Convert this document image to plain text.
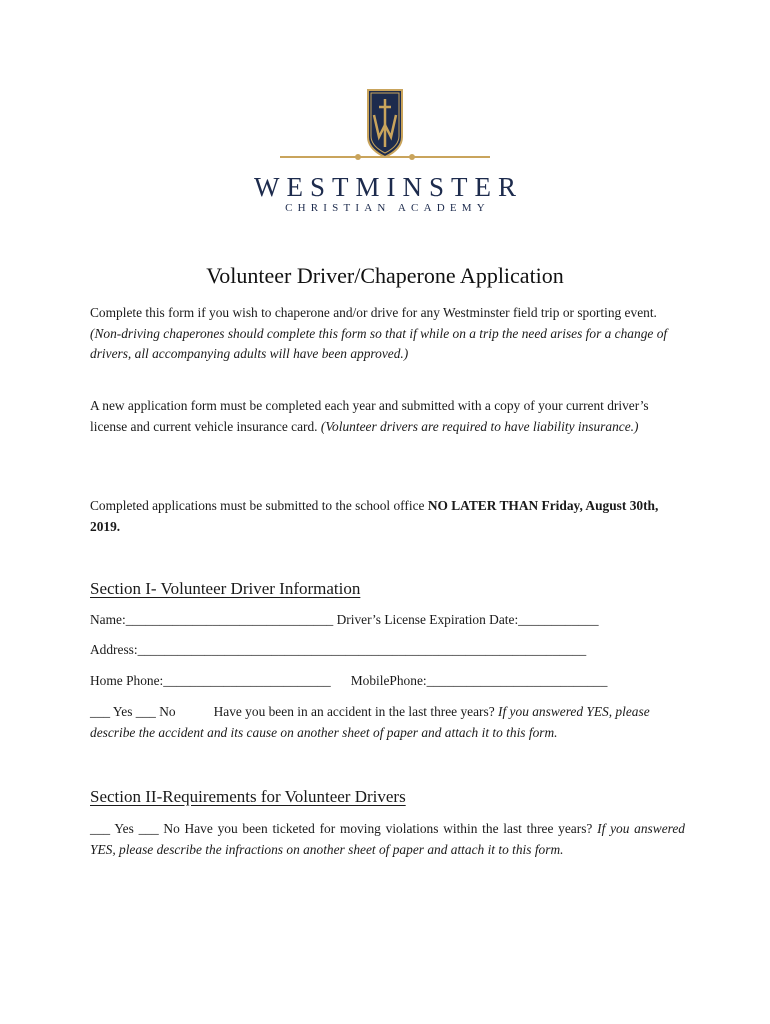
WESTMINSTER
CHRISTIAN ACADEMY
Volunteer Driver/Chaperone Application
Complete this form if you wish to chaperone and/or drive for any Westminster field trip or sporting event. (Non-driving chaperones should complete this form so that if while on a trip the need arises for a change of drivers, all accompanying adults will have been approved.)
A new application form must be completed each year and submitted with a copy of your current driver’s license and current vehicle insurance card. (Volunteer drivers are required to have liability insurance.)
Completed applications must be submitted to the school office NO LATER THAN Friday, August 30th, 2019.
Section I- Volunteer Driver Information
Name:_______________________________ Driver’s License Expiration Date:____________
Address:___________________________________________________________________
Home Phone:_________________________      MobilePhone:___________________________
___ Yes ___ No	Have you been in an accident in the last three years? If you answered YES, please describe the accident and its cause on another sheet of paper and attach it to this form.
Section II-Requirements for Volunteer Drivers
___ Yes ___ No Have you been ticketed for moving violations within the last three years? If you answered YES, please describe the infractions on another sheet of paper and attach it to this form.
